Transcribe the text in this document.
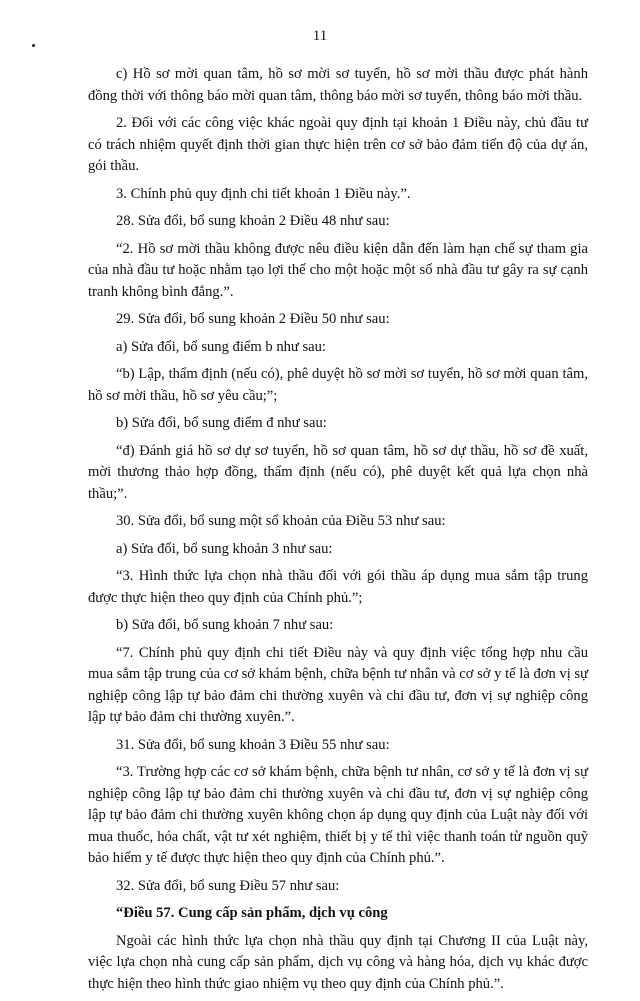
11

c) Hồ sơ mời quan tâm, hồ sơ mời sơ tuyển, hồ sơ mời thầu được phát hành đồng thời với thông báo mời quan tâm, thông báo mời sơ tuyển, thông báo mời thầu.

2. Đối với các công việc khác ngoài quy định tại khoản 1 Điều này, chủ đầu tư có trách nhiệm quyết định thời gian thực hiện trên cơ sở bảo đảm tiến độ của dự án, gói thầu.

3. Chính phủ quy định chi tiết khoản 1 Điều này.”.

28. Sửa đổi, bổ sung khoản 2 Điều 48 như sau:

“2. Hồ sơ mời thầu không được nêu điều kiện dẫn đến làm hạn chế sự tham gia của nhà đầu tư hoặc nhằm tạo lợi thế cho một hoặc một số nhà đầu tư gây ra sự cạnh tranh không bình đẳng.”.

29. Sửa đổi, bổ sung khoản 2 Điều 50 như sau:

a) Sửa đổi, bổ sung điểm b như sau:

“b) Lập, thẩm định (nếu có), phê duyệt hồ sơ mời sơ tuyển, hồ sơ mời quan tâm, hồ sơ mời thầu, hồ sơ yêu cầu;”;

b) Sửa đổi, bổ sung điểm đ như sau:

“đ) Đánh giá hồ sơ dự sơ tuyển, hồ sơ quan tâm, hồ sơ dự thầu, hồ sơ đề xuất, mời thương thảo hợp đồng, thẩm định (nếu có), phê duyệt kết quả lựa chọn nhà thầu;”.

30. Sửa đổi, bổ sung một số khoản của Điều 53 như sau:

a) Sửa đổi, bổ sung khoản 3 như sau:

“3. Hình thức lựa chọn nhà thầu đối với gói thầu áp dụng mua sắm tập trung được thực hiện theo quy định của Chính phủ.”;

b) Sửa đổi, bổ sung khoản 7 như sau:

“7. Chính phủ quy định chi tiết Điều này và quy định việc tổng hợp nhu cầu mua sắm tập trung của cơ sở khám bệnh, chữa bệnh tư nhân và cơ sở y tế là đơn vị sự nghiệp công lập tự bảo đảm chi thường xuyên và chi đầu tư, đơn vị sự nghiệp công lập tự bảo đảm chi thường xuyên.”.

31. Sửa đổi, bổ sung khoản 3 Điều 55 như sau:

“3. Trường hợp các cơ sở khám bệnh, chữa bệnh tư nhân, cơ sở y tế là đơn vị sự nghiệp công lập tự bảo đảm chi thường xuyên và chi đầu tư, đơn vị sự nghiệp công lập tự bảo đảm chi thường xuyên không chọn áp dụng quy định của Luật này đối với mua thuốc, hóa chất, vật tư xét nghiệm, thiết bị y tế thì việc thanh toán từ nguồn quỹ bảo hiểm y tế được thực hiện theo quy định của Chính phủ.”.

32. Sửa đổi, bổ sung Điều 57 như sau:

“Điều 57. Cung cấp sản phẩm, dịch vụ công

Ngoài các hình thức lựa chọn nhà thầu quy định tại Chương II của Luật này, việc lựa chọn nhà cung cấp sản phẩm, dịch vụ công và hàng hóa, dịch vụ khác được thực hiện theo hình thức giao nhiệm vụ theo quy định của Chính phủ.”.
